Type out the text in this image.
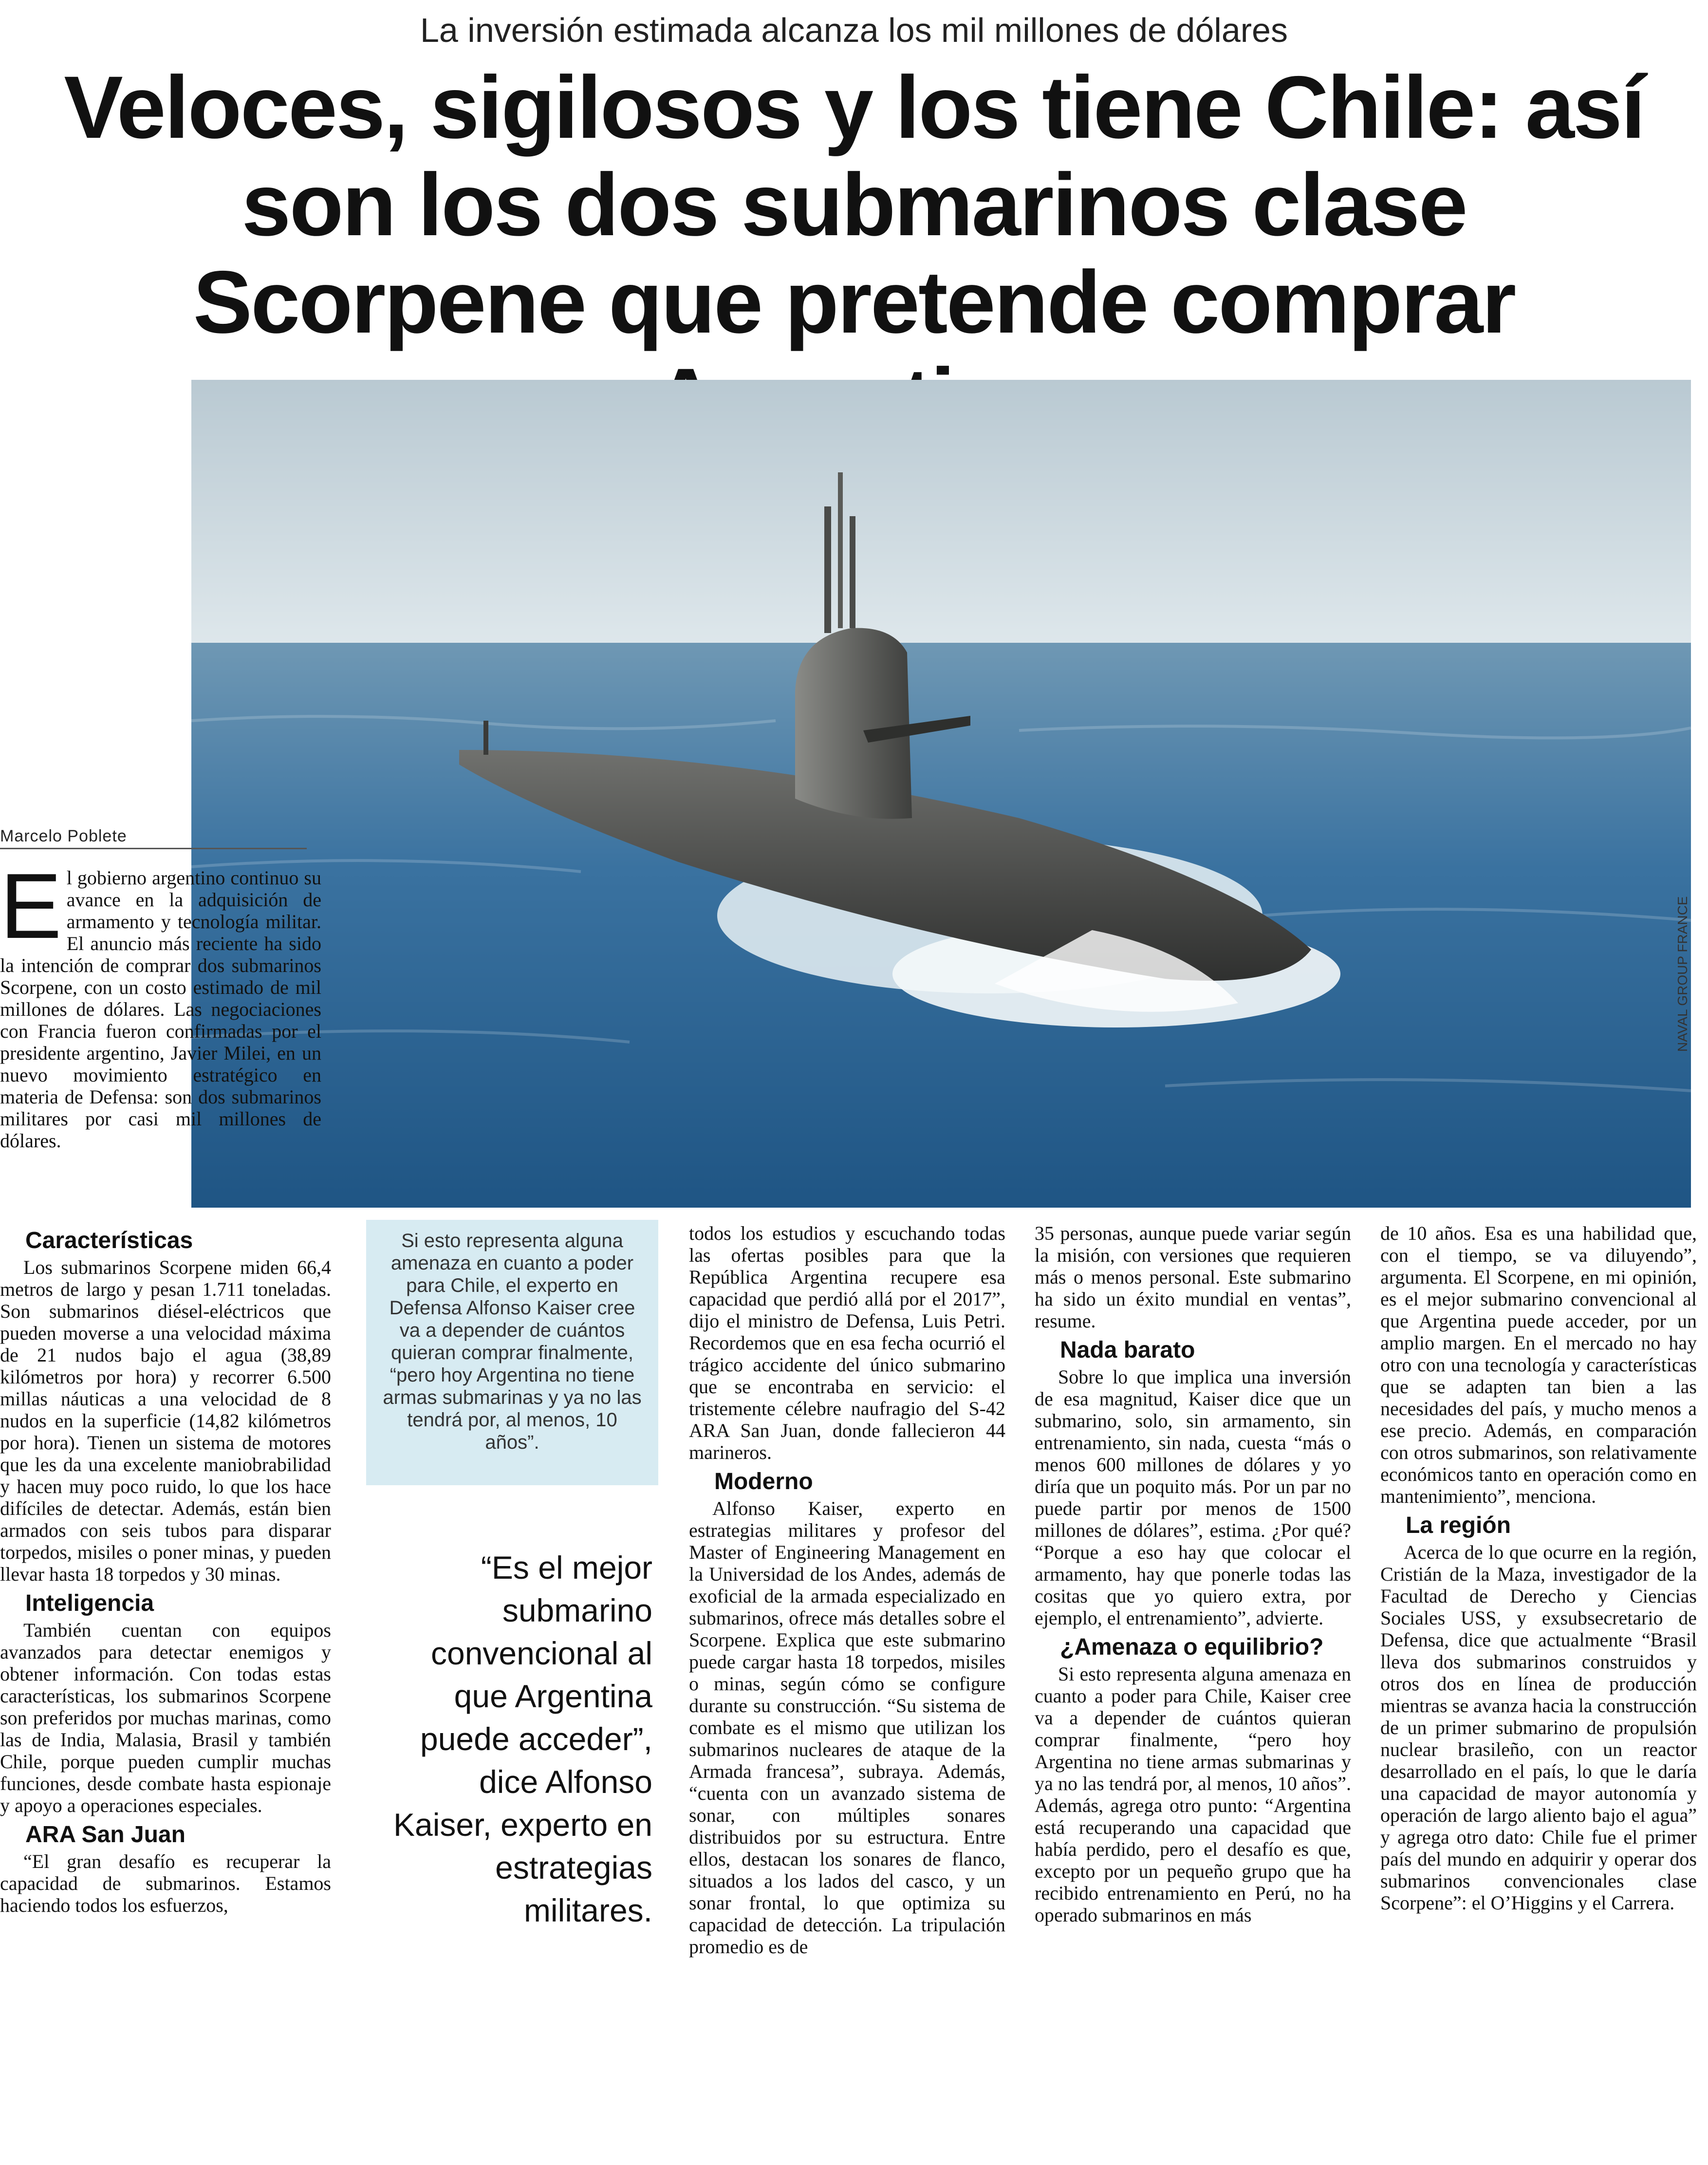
La inversión estimada alcanza los mil millones de dólares
Veloces, sigilosos y los tiene Chile: así son los dos submarinos clase Scorpene que pretende comprar
NAVAL GROUP FRANCE
Marcelo Poblete

El gobierno argentino continuo su avance en la adquisición de armamento y tecnología militar. El anuncio más reciente ha sido la intención de comprar dos submarinos Scorpene, con un costo estimado de mil millones de dólares. Las negociaciones con Francia fueron confirmadas por el presidente argentino, Javier Milei, en un nuevo movimiento estratégico en materia de Defensa: son dos submarinos militares por casi mil millones de dólares.

Características

Los submarinos Scorpene miden 66,4 metros de largo y pesan 1.711 toneladas. Son submarinos diésel-eléctricos que pueden moverse a una velocidad máxima de 21 nudos bajo el agua (38,89 kilómetros por hora) y recorrer 6.500 millas náuticas a una velocidad de 8 nudos en la superficie (14,82 kilómetros por hora). Tienen un sistema de motores que les da una excelente maniobrabilidad y hacen muy poco ruido, lo que los hace difíciles de detectar. Además, están bien armados con seis tubos para disparar torpedos, misiles o poner minas, y pueden llevar hasta 18 torpedos y 30 minas.

Inteligencia

También cuentan con equipos avanzados para detectar enemigos y obtener información. Con todas estas características, los submarinos Scorpene son preferidos por muchas marinas, como las de India, Malasia, Brasil y también Chile, porque pueden cumplir muchas funciones, desde combate hasta espionaje y apoyo a operaciones especiales.

ARA San Juan

“El gran desafío es recuperar la capacidad de submarinos. Estamos haciendo todos los esfuerzos,

Si esto representa alguna amenaza en cuanto a poder para Chile, el experto en Defensa Alfonso Kaiser cree va a depender de cuántos quieran comprar finalmente, “pero hoy Argentina no tiene armas submarinas y ya no las tendrá por, al menos, 10 años”.
“Es el mejor submarino convencional al que Argentina puede acceder”, dice Alfonso Kaiser, experto en estrategias militares.

todos los estudios y escuchando todas las ofertas posibles para que la República Argentina recupere esa capacidad que perdió allá por el 2017”, dijo el ministro de Defensa, Luis Petri. Recordemos que en esa fecha ocurrió el trágico accidente del único submarino que se encontraba en servicio: el tristemente célebre naufragio del S-42 ARA San Juan, donde fallecieron 44 marineros.

Moderno

Alfonso Kaiser, experto en estrategias militares y profesor del Master of Engineering Management en la Universidad de los Andes, además de exoficial de la armada especializado en submarinos, ofrece más detalles sobre el Scorpene. Explica que este submarino puede cargar hasta 18 torpedos, misiles o minas, según cómo se configure durante su construcción. “Su sistema de combate es el mismo que utilizan los submarinos nucleares de ataque de la Armada francesa”, subraya. Además, “cuenta con un avanzado sistema de sonar, con múltiples sonares distribuidos por su estructura. Entre ellos, destacan los sonares de flanco, situados a los lados del casco, y un sonar frontal, lo que optimiza su capacidad de detección. La tripulación promedio es de

35 personas, aunque puede variar según la misión, con versiones que requieren más o menos personal. Este submarino ha sido un éxito mundial en ventas”, resume.

Nada barato

Sobre lo que implica una inversión de esa magnitud, Kaiser dice que un submarino, solo, sin armamento, sin entrenamiento, sin nada, cuesta “más o menos 600 millones de dólares y yo diría que un poquito más. Por un par no puede partir por menos de 1500 millones de dólares”, estima. ¿Por qué? “Porque a eso hay que colocar el armamento, hay que ponerle todas las cositas que yo quiero extra, por ejemplo, el entrenamiento”, advierte.

¿Amenaza o equilibrio?

Si esto representa alguna amenaza en cuanto a poder para Chile, Kaiser cree va a depender de cuántos quieran comprar finalmente, “pero hoy Argentina no tiene armas submarinas y ya no las tendrá por, al menos, 10 años”. Además, agrega otro punto: “Argentina está recuperando una capacidad que había perdido, pero el desafío es que, excepto por un pequeño grupo que ha recibido entrenamiento en Perú, no ha operado submarinos en más

de 10 años. Esa es una habilidad que, con el tiempo, se va diluyendo”, argumenta. El Scorpene, en mi opinión, es el mejor submarino convencional al que Argentina puede acceder, por un amplio margen. En el mercado no hay otro con una tecnología y características que se adapten tan bien a las necesidades del país, y mucho menos a ese precio. Además, en comparación con otros submarinos, son relativamente económicos tanto en operación como en mantenimiento”, menciona.

La región

Acerca de lo que ocurre en la región, Cristián de la Maza, investigador de la Facultad de Derecho y Ciencias Sociales USS, y exsubsecretario de Defensa, dice que actualmente “Brasil lleva dos submarinos construidos y otros dos en línea de producción mientras se avanza hacia la construcción de un primer submarino de propulsión nuclear brasileño, con un reactor desarrollado en el país, lo que le daría una capacidad de mayor autonomía y operación de largo aliento bajo el agua” y agrega otro dato: Chile fue el primer país del mundo en adquirir y operar dos submarinos convencionales clase Scorpene”: el O’Higgins y el Carrera.
